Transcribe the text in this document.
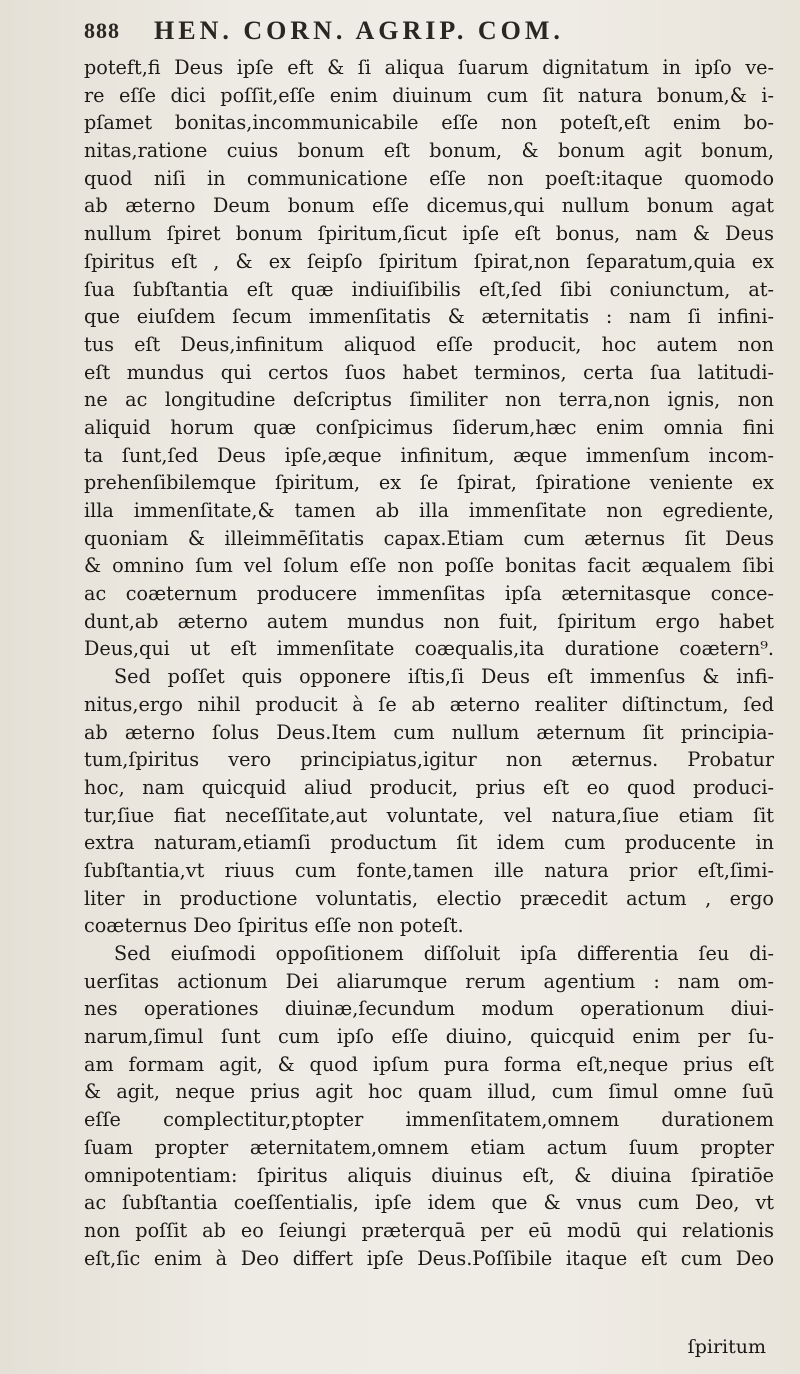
888 HEN. CORN. AGRIP. COM.
poteft,fi Deus ipſe eft & ſi aliqua ſuarum dignitatum in ipſo ve-
re eſſe dici poſſit,eſſe enim diuinum cum ſit natura bonum,& i-
pſamet bonitas,incommunicabile eſſe non poteſt,eſt enim bo-
nitas,ratione cuius bonum eſt bonum, & bonum agit bonum,
quod niſi in communicatione eſſe non poeſt:itaque quomodo
ab æterno Deum bonum eſſe dicemus,qui nullum bonum agat
nullum ſpiret bonum ſpiritum,ſicut ipſe eſt bonus, nam & Deus
ſpiritus eſt , & ex ſeipſo ſpiritum ſpirat,non ſeparatum,quia ex
ſua ſubſtantia eſt quæ indiuiſibilis eſt,ſed ſibi coniunctum, at-
que eiuſdem ſecum immenſitatis & æternitatis : nam ſi infini-
tus eſt Deus,infinitum aliquod eſſe producit, hoc autem non
eſt mundus qui certos ſuos habet terminos, certa ſua latitudi-
ne ac longitudine deſcriptus ſimiliter non terra,non ignis, non
aliquid horum quæ conſpicimus ſiderum,hæc enim omnia fini
ta ſunt,ſed Deus ipſe,æque infinitum, æque immenſum incom-
prehenſibilemque ſpiritum, ex ſe ſpirat, ſpiratione veniente ex
illa immenſitate,& tamen ab illa immenſitate non egrediente,
quoniam & illeimmēſitatis capax.Etiam cum æternus ſit Deus
& omnino ſum vel ſolum eſſe non poſſe bonitas facit æqualem ſibi
ac coæternum producere immenſitas ipſa æternitasque conce-
dunt,ab æterno autem mundus non fuit, ſpiritum ergo habet
Deus,qui ut eſt immenſitate coæqualis,ita duratione coætern⁹.
Sed poſſet quis opponere iſtis,ſi Deus eſt immenſus & infi-
nitus,ergo nihil producit à ſe ab æterno realiter diſtinctum, ſed
ab æterno ſolus Deus.Item cum nullum æternum ſit principia-
tum,ſpiritus vero principiatus,igitur non æternus. Probatur
hoc, nam quicquid aliud producit, prius eſt eo quod produci-
tur,ſiue fiat neceſſitate,aut voluntate, vel natura,ſiue etiam ſit
extra naturam,etiamſi productum ſit idem cum producente in
ſubſtantia,vt riuus cum fonte,tamen ille natura prior eſt,ſimi-
liter in productione voluntatis, electio præcedit actum , ergo
coæternus Deo ſpiritus eſſe non poteſt.
Sed eiuſmodi oppoſitionem diſſoluit ipſa differentia ſeu di-
uerſitas actionum Dei aliarumque rerum agentium : nam om-
nes operationes diuinæ,ſecundum modum operationum diui-
narum,ſimul ſunt cum ipſo eſſe diuino, quicquid enim per ſu-
am formam agit, & quod ipſum pura forma eſt,neque prius eſt
& agit, neque prius agit hoc quam illud, cum ſimul omne ſuū
eſſe complectitur,ptopter immenſitatem,omnem durationem
ſuam propter æternitatem,omnem etiam actum ſuum propter
omnipotentiam: ſpiritus aliquis diuinus eſt, & diuina ſpiratiōe
ac ſubſtantia coeſſentialis, ipſe idem que & vnus cum Deo, vt
non poſſit ab eo ſeiungi præterquā per eū modū qui relationis
eſt,ſic enim à Deo differt ipſe Deus.Poſſibile itaque eſt cum Deo
ſpiritum
